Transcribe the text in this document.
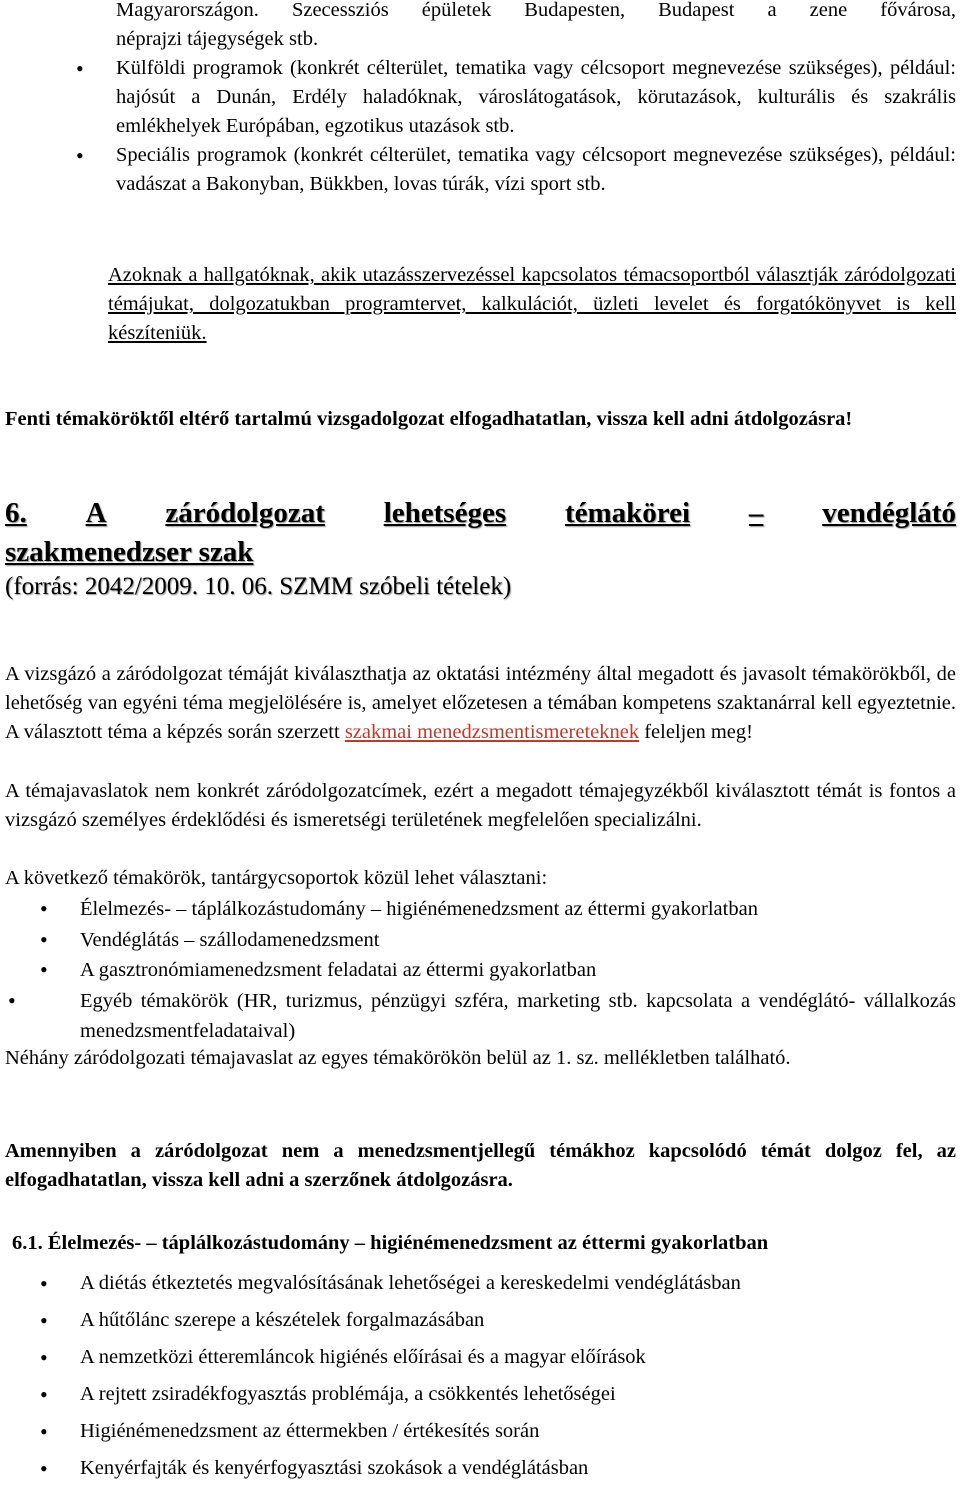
Magyarországon. Szecessziós épületek Budapesten, Budapest a zene fővárosa,
néprajzi tájegységek stb.
• Külföldi programok (konkrét célterület, tematika vagy célcsoport megnevezése szükséges), például: hajósút a Dunán, Erdély haladóknak, városlátogatások, körutazások, kulturális és szakrális emlékhelyek Európában, egzotikus utazások stb.
• Speciális programok (konkrét célterület, tematika vagy célcsoport megnevezése szükséges), például: vadászat a Bakonyban, Bükkben, lovas túrák, vízi sport stb.
Azoknak a hallgatóknak, akik utazásszervezéssel kapcsolatos témacsoportból választják záródolgozati témájukat, dolgozatukban programtervet, kalkulációt, üzleti levelet és forgatókönyvet is kell készíteniük.
Fenti témaköröktől eltérő tartalmú vizsgadolgozat elfogadhatatlan, vissza kell adni átdolgozásra!
6. A záródolgozat lehetséges témakörei – vendéglátó
szakmenedzser szak
(forrás: 2042/2009. 10. 06. SZMM szóbeli tételek)
A vizsgázó a záródolgozat témáját kiválaszthatja az oktatási intézmény által megadott és javasolt témakörökből, de lehetőség van egyéni téma megjelölésére is, amelyet előzetesen a témában kompetens szaktanárral kell egyeztetnie. A választott téma a képzés során szerzett szakmai menedzsmentismereteknek feleljen meg!
A témajavaslatok nem konkrét záródolgozatcímek, ezért a megadott témajegyzékből kiválasztott témát is fontos a vizsgázó személyes érdeklődési és ismeretségi területének megfelelően specializálni.
A következő témakörök, tantárgycsoportok közül lehet választani:
• Élelmezés- – táplálkozástudomány – higiénémenedzsment az éttermi gyakorlatban
• Vendéglátás – szállodamenedzsment
• A gasztronómiamenedzsment feladatai az éttermi gyakorlatban
• Egyéb témakörök (HR, turizmus, pénzügyi szféra, marketing stb. kapcsolata a vendéglátó- vállalkozás menedzsmentfeladataival)
Néhány záródolgozati témajavaslat az egyes témakörökön belül az 1. sz. mellékletben található.
Amennyiben a záródolgozat nem a menedzsmentjellegű témákhoz kapcsolódó témát dolgoz fel, az elfogadhatatlan, vissza kell adni a szerzőnek átdolgozásra.
6.1. Élelmezés- – táplálkozástudomány – higiénémenedzsment az éttermi gyakorlatban
• A diétás étkeztetés megvalósításának lehetőségei a kereskedelmi vendéglátásban
• A hűtőlánc szerepe a készételek forgalmazásában
• A nemzetközi étteremláncok higiénés előírásai és a magyar előírások
• A rejtett zsiradékfogyasztás problémája, a csökkentés lehetőségei
• Higiénémenedzsment az éttermekben / értékesítés során
• Kenyérfajták és kenyérfogyasztási szokások a vendéglátásban
